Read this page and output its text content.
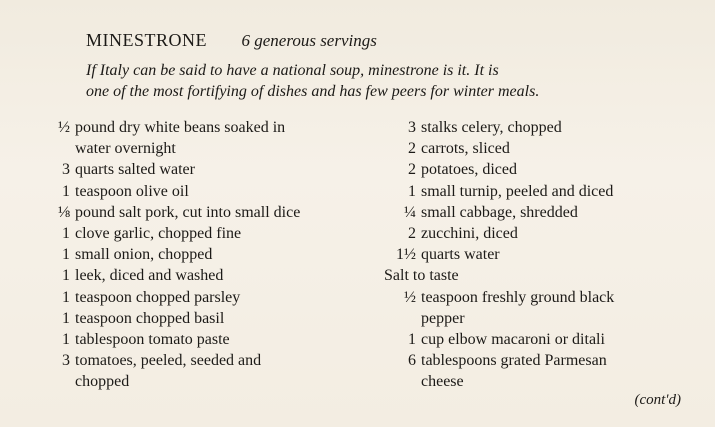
MINESTRONE 6 generous servings
If Italy can be said to have a national soup, minestrone is it. It is
one of the most fortifying of dishes and has few peers for winter meals.
½ pound dry white beans soaked in
water overnight
3 quarts salted water
1 teaspoon olive oil
⅛ pound salt pork, cut into small dice
1 clove garlic, chopped fine
1 small onion, chopped
1 leek, diced and washed
1 teaspoon chopped parsley
1 teaspoon chopped basil
1 tablespoon tomato paste
3 tomatoes, peeled, seeded and
chopped
3 stalks celery, chopped
2 carrots, sliced
2 potatoes, diced
1 small turnip, peeled and diced
¼ small cabbage, shredded
2 zucchini, diced
1½ quarts water
Salt to taste
½ teaspoon freshly ground black
pepper
1 cup elbow macaroni or ditali
6 tablespoons grated Parmesan
cheese
(cont'd)
